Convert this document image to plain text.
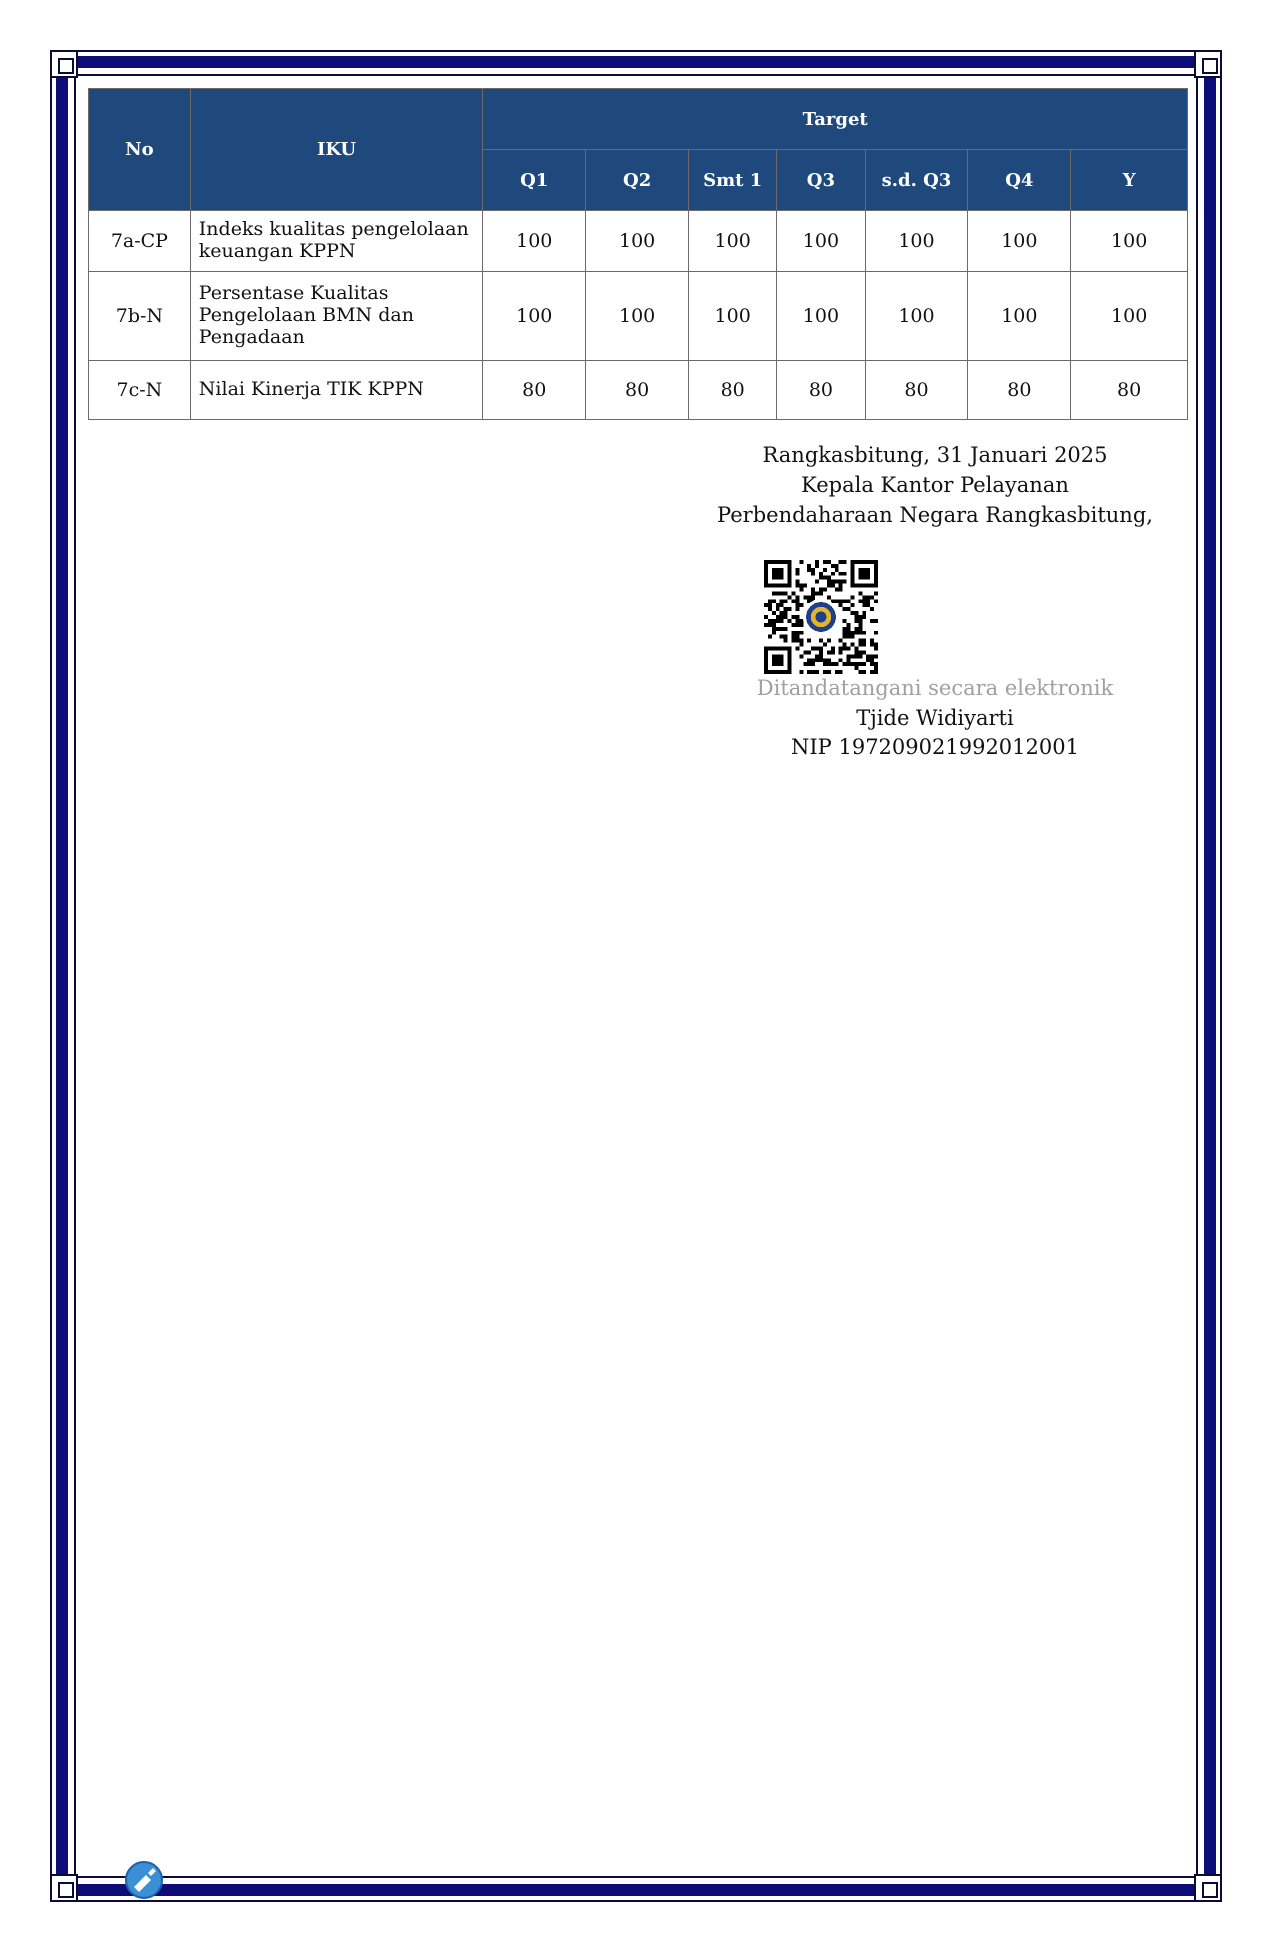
No	IKU	Target						
		Q1	Q2	Smt 1	Q3	s.d. Q3	Q4	Y
7a-CP	Indeks kualitas pengelolaan keuangan KPPN	100	100	100	100	100	100	100
7b-N	Persentase Kualitas Pengelolaan BMN dan Pengadaan	100	100	100	100	100	100	100
7c-N	Nilai Kinerja TIK KPPN	80	80	80	80	80	80	80
Rangkasbitung, 31 Januari 2025
Kepala Kantor Pelayanan
Perbendaharaan Negara Rangkasbitung,
Ditandatangani secara elektronik
Tjide Widiyarti
NIP 197209021992012001
